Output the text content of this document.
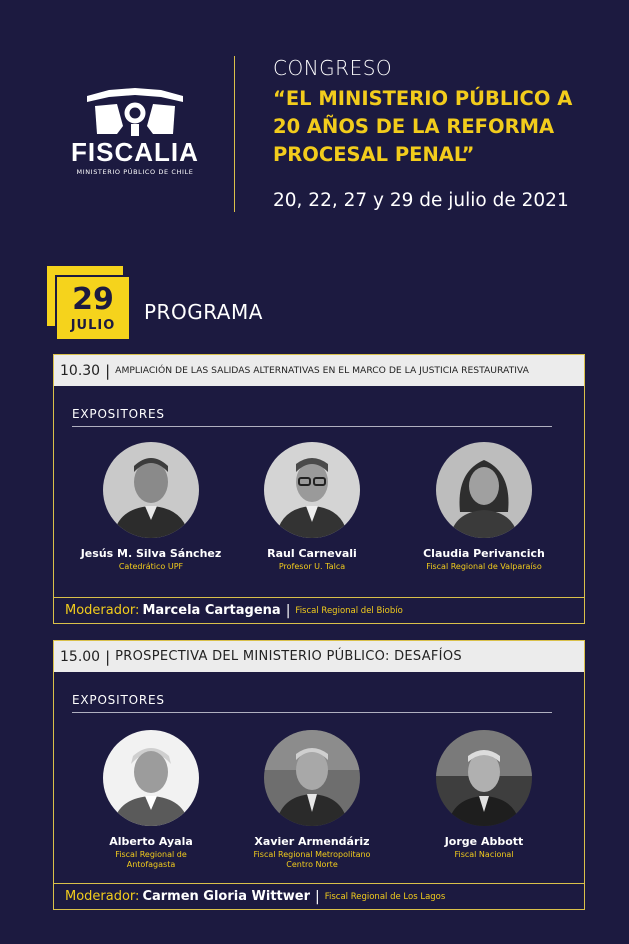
FISCALIA
MINISTERIO PÚBLICO DE CHILE
CONGRESO
“EL MINISTERIO PÚBLICO A
20 AÑOS DE LA REFORMA
PROCESAL PENAL”
20, 22, 27 y 29 de julio de 2021
29
JULIO
PROGRAMA
10.30 | AMPLIACIÓN DE LAS SALIDAS ALTERNATIVAS EN EL MARCO DE LA JUSTICIA RESTAURATIVA
EXPOSITORES
Jesús M. Silva Sánchez
Catedrático UPF
Raul Carnevali
Profesor U. Talca
Claudia Perivancich
Fiscal Regional de Valparaíso
Moderador: Marcela Cartagena | Fiscal Regional del Biobío
15.00 | PROSPECTIVA DEL MINISTERIO PÚBLICO: DESAFÍOS
EXPOSITORES
Alberto Ayala
Fiscal Regional de
Antofagasta
Xavier Armendáriz
Fiscal Regional Metropolitano
Centro Norte
Jorge Abbott
Fiscal Nacional
Moderador: Carmen Gloria Wittwer | Fiscal Regional de Los Lagos
